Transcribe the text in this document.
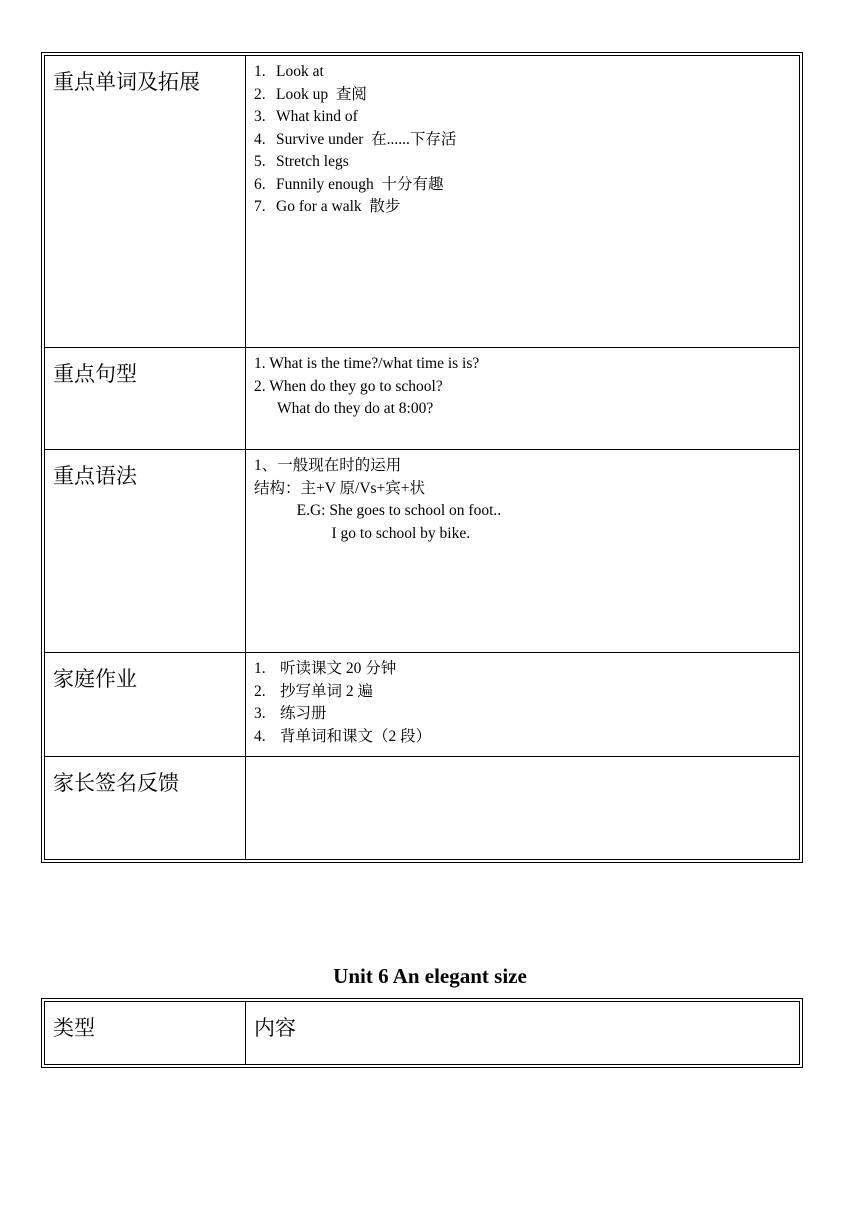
重点单词及拓展	1. Look at
2. Look up  查阅
3. What kind of
4. Survive under  在......下存活
5. Stretch legs
6. Funnily enough  十分有趣
7. Go for a walk  散步
重点句型	1. What is the time?/what time is is?
2. When do they go to school?
What do they do at 8:00?
重点语法	1、一般现在时的运用
结构：主+V 原/Vs+宾+状
E.G: She goes to school on foot..
I go to school by bike.
家庭作业	1. 听读课文 20 分钟
2. 抄写单词 2 遍
3. 练习册
4. 背单词和课文（2 段）
家长签名反馈
Unit 6 An elegant size
类型	内容
